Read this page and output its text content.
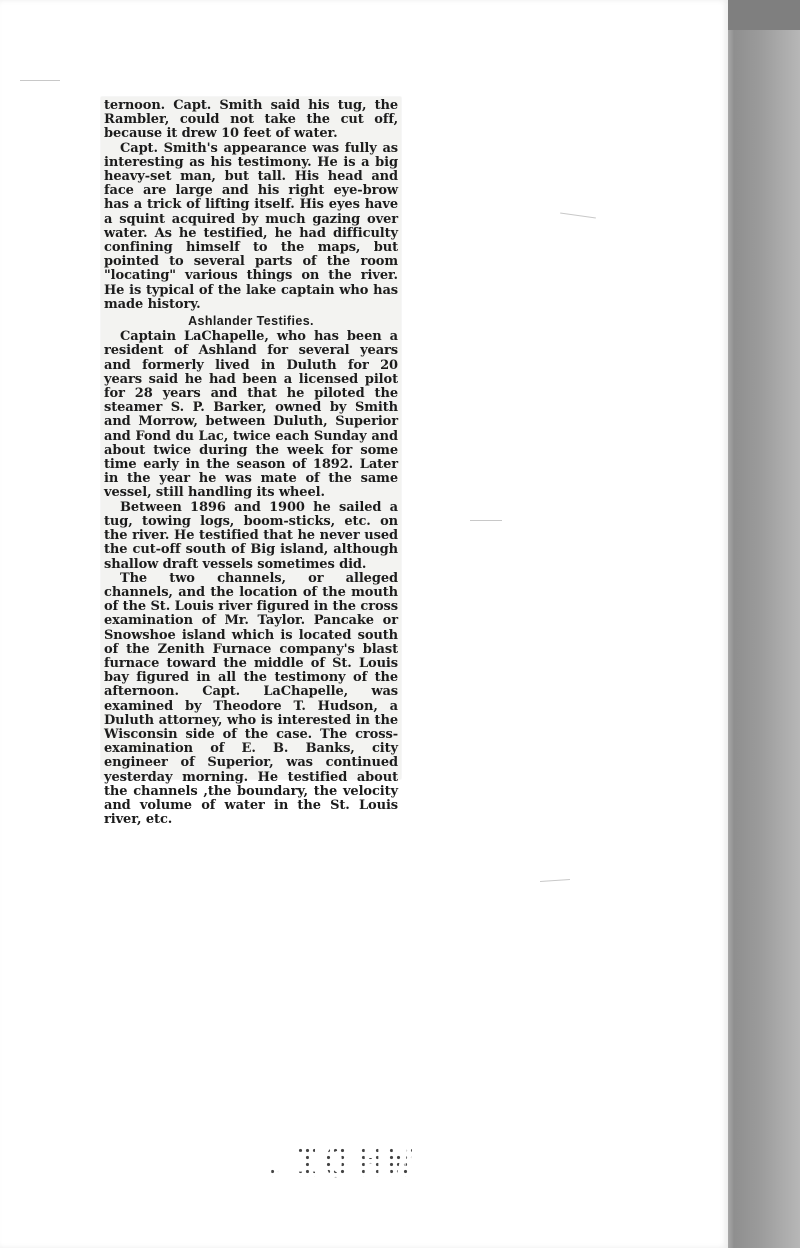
ternoon. Capt. Smith said his tug, the Rambler, could not take the cut off, because it drew 10 feet of water.

Capt. Smith's appearance was fully as interesting as his testimony. He is a big heavy-set man, but tall. His head and face are large and his right eye-brow has a trick of lifting itself. His eyes have a squint acquired by much gazing over water. As he testified, he had difficulty confining himself to the maps, but pointed to several parts of the room "locating" various things on the river. He is typical of the lake captain who has made history.

Ashlander Testifies.

Captain LaChapelle, who has been a resident of Ashland for several years and formerly lived in Duluth for 20 years said he had been a licensed pilot for 28 years and that he piloted the steamer S. P. Barker, owned by Smith and Morrow, between Duluth, Superior and Fond du Lac, twice each Sunday and about twice during the week for some time early in the season of 1892. Later in the year he was mate of the same vessel, still handling its wheel.

Between 1896 and 1900 he sailed a tug, towing logs, boom-sticks, etc. on the river. He testified that he never used the cut-off south of Big island, although shallow draft vessels sometimes did.

The two channels, or alleged channels, and the location of the mouth of the St. Louis river figured in the cross examination of Mr. Taylor. Pancake or Snowshoe island which is located south of the Zenith Furnace company's blast furnace toward the middle of St. Louis bay figured in all the testimony of the afternoon. Capt. LaChapelle, was examined by Theodore T. Hudson, a Duluth attorney, who is interested in the Wisconsin side of the case. The cross-examination of E. B. Banks, city engineer of Superior, was continued yesterday morning. He testified about the channels ,the boundary, the velocity and volume of water in the St. Louis river, etc.

.IOHW
